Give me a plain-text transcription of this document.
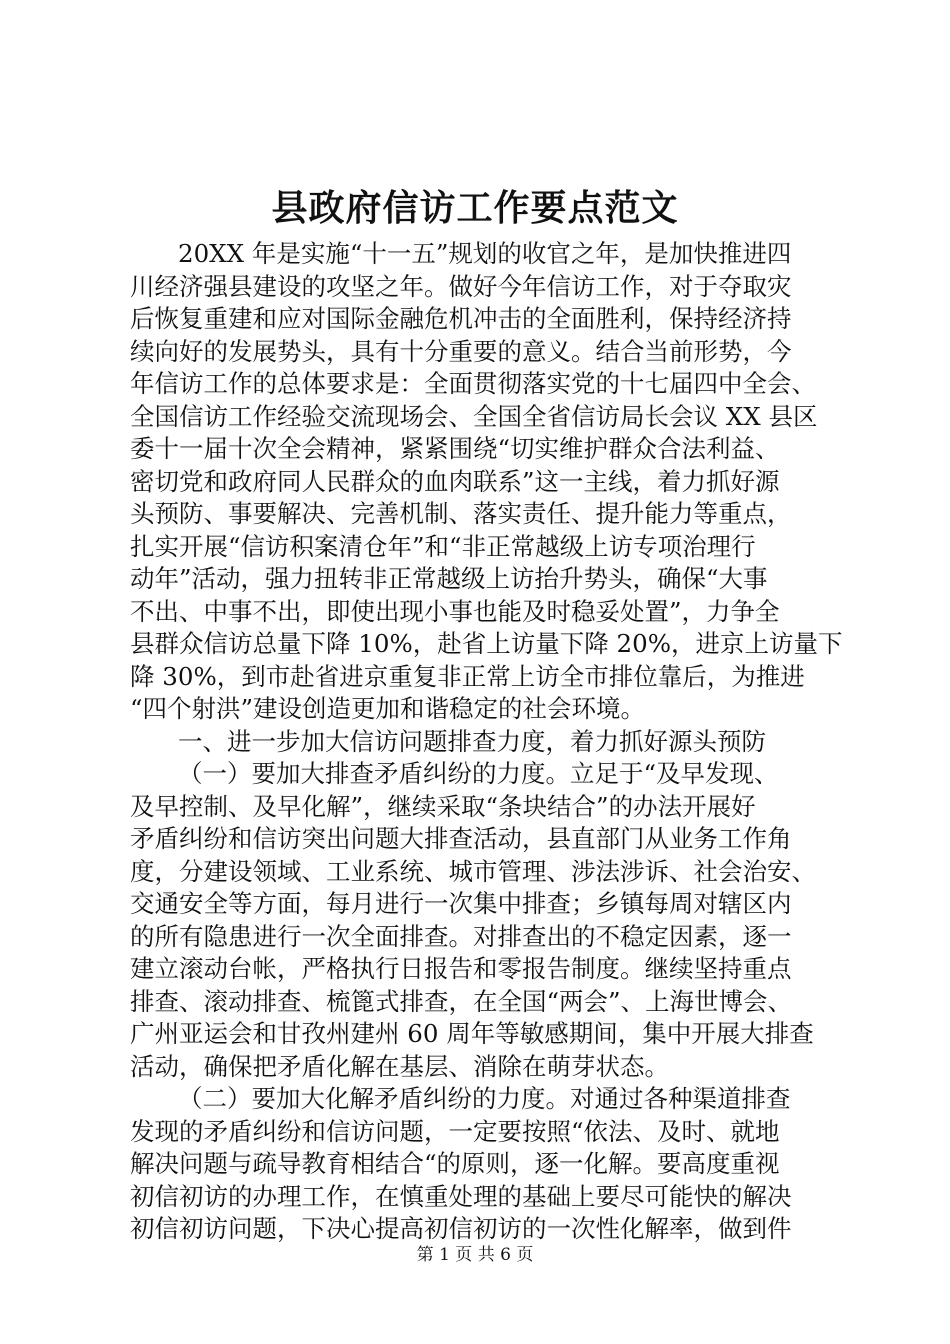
县政府信访工作要点范文
第 1 页 共 6 页
20XX 年是实施“十一五”规划的收官之年，是加快推进四
川经济强县建设的攻坚之年。做好今年信访工作，对于夺取灾
后恢复重建和应对国际金融危机冲击的全面胜利，保持经济持
续向好的发展势头，具有十分重要的意义。结合当前形势，今
年信访工作的总体要求是：全面贯彻落实党的十七届四中全会、
全国信访工作经验交流现场会、全国全省信访局长会议 XX 县区
委十一届十次全会精神，紧紧围绕“切实维护群众合法利益、
密切党和政府同人民群众的血肉联系”这一主线，着力抓好源
头预防、事要解决、完善机制、落实责任、提升能力等重点，
扎实开展“信访积案清仓年”和“非正常越级上访专项治理行
动年”活动，强力扭转非正常越级上访抬升势头，确保“大事
不出、中事不出，即使出现小事也能及时稳妥处置”，力争全
县群众信访总量下降 10%，赴省上访量下降 20%，进京上访量下
降 30%，到市赴省进京重复非正常上访全市排位靠后，为推进
“四个射洪”建设创造更加和谐稳定的社会环境。
一、进一步加大信访问题排查力度，着力抓好源头预防
（一）要加大排查矛盾纠纷的力度。立足于“及早发现、
及早控制、及早化解”，继续采取“条块结合”的办法开展好
矛盾纠纷和信访突出问题大排查活动，县直部门从业务工作角
度，分建设领域、工业系统、城市管理、涉法涉诉、社会治安、
交通安全等方面，每月进行一次集中排查；乡镇每周对辖区内
的所有隐患进行一次全面排查。对排查出的不稳定因素，逐一
建立滚动台帐，严格执行日报告和零报告制度。继续坚持重点
排查、滚动排查、梳篦式排查，在全国“两会”、上海世博会、
广州亚运会和甘孜州建州 60 周年等敏感期间，集中开展大排查
活动，确保把矛盾化解在基层、消除在萌芽状态。
（二）要加大化解矛盾纠纷的力度。对通过各种渠道排查
发现的矛盾纠纷和信访问题，一定要按照“依法、及时、就地
解决问题与疏导教育相结合“的原则，逐一化解。要高度重视
初信初访的办理工作，在慎重处理的基础上要尽可能快的解决
初信初访问题，下决心提高初信初访的一次性化解率，做到件
